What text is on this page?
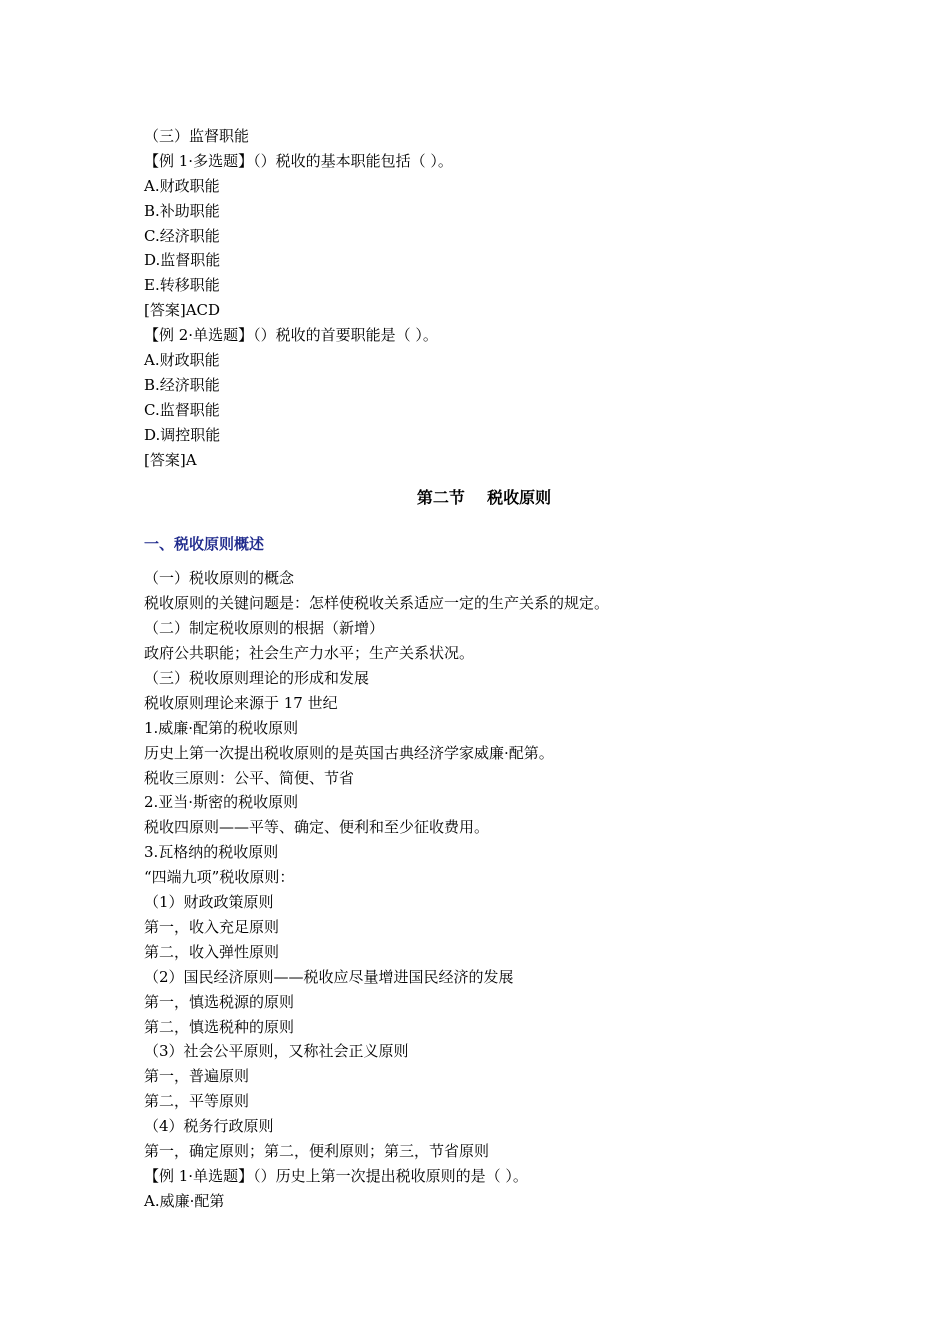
（三）监督职能
【例 1·多选题】（）税收的基本职能包括（ ）。
A.财政职能
B.补助职能
C.经济职能
D.监督职能
E.转移职能
[答案]ACD
【例 2·单选题】（）税收的首要职能是（ ）。
A.财政职能
B.经济职能
C.监督职能
D.调控职能
[答案]A
第二节    税收原则
一、税收原则概述
（一）税收原则的概念
税收原则的关键问题是：怎样使税收关系适应一定的生产关系的规定。
（二）制定税收原则的根据（新增）
政府公共职能；社会生产力水平；生产关系状况。
（三）税收原则理论的形成和发展
税收原则理论来源于 17 世纪
1.威廉·配第的税收原则
历史上第一次提出税收原则的是英国古典经济学家威廉·配第。
税收三原则：公平、简便、节省
2.亚当·斯密的税收原则
税收四原则——平等、确定、便利和至少征收费用。
3.瓦格纳的税收原则
“四端九项”税收原则：
（1）财政政策原则
第一，收入充足原则
第二，收入弹性原则
（2）国民经济原则——税收应尽量增进国民经济的发展
第一，慎选税源的原则
第二，慎选税种的原则
（3）社会公平原则，又称社会正义原则
第一，普遍原则
第二，平等原则
（4）税务行政原则
第一，确定原则；第二，便利原则；第三，节省原则
【例 1·单选题】（）历史上第一次提出税收原则的是（ ）。
A.威廉·配第
